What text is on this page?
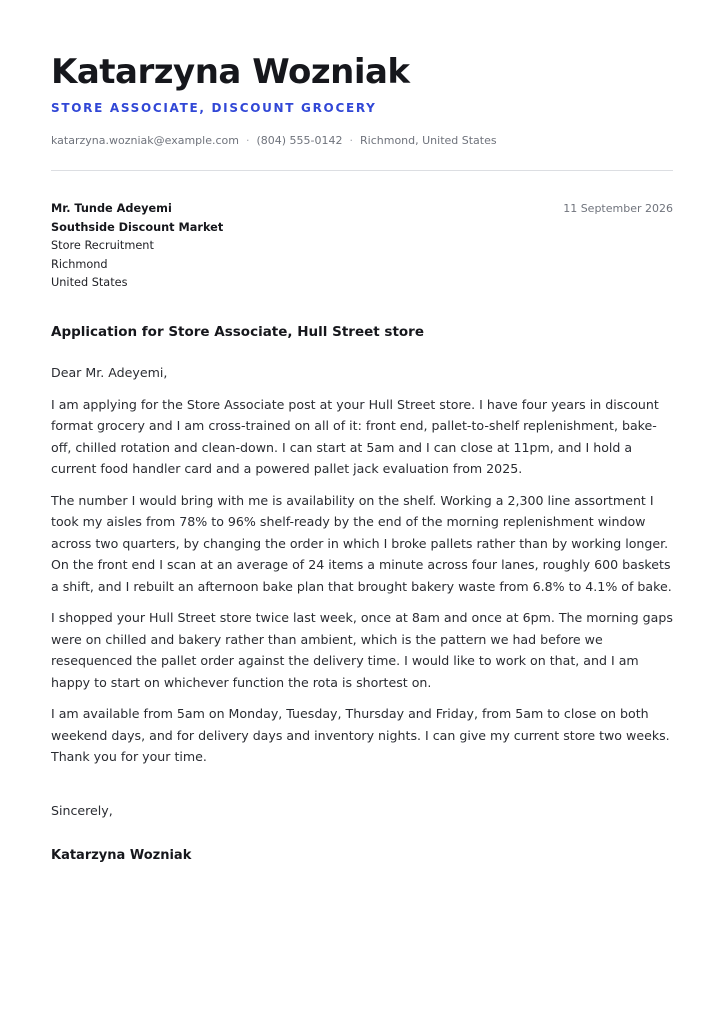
Katarzyna Wozniak
STORE ASSOCIATE, DISCOUNT GROCERY
katarzyna.wozniak@example.com · (804) 555-0142 · Richmond, United States
11 September 2026
Mr. Tunde Adeyemi
Southside Discount Market
Store Recruitment
Richmond
United States
Application for Store Associate, Hull Street store

Dear Mr. Adeyemi,

I am applying for the Store Associate post at your Hull Street store. I have four years in discount format grocery and I am cross-trained on all of it: front end, pallet-to-shelf replenishment, bake-off, chilled rotation and clean-down. I can start at 5am and I can close at 11pm, and I hold a current food handler card and a powered pallet jack evaluation from 2025.

The number I would bring with me is availability on the shelf. Working a 2,300 line assortment I took my aisles from 78% to 96% shelf-ready by the end of the morning replenishment window across two quarters, by changing the order in which I broke pallets rather than by working longer. On the front end I scan at an average of 24 items a minute across four lanes, roughly 600 baskets a shift, and I rebuilt an afternoon bake plan that brought bakery waste from 6.8% to 4.1% of bake.

I shopped your Hull Street store twice last week, once at 8am and once at 6pm. The morning gaps were on chilled and bakery rather than ambient, which is the pattern we had before we resequenced the pallet order against the delivery time. I would like to work on that, and I am happy to start on whichever function the rota is shortest on.

I am available from 5am on Monday, Tuesday, Thursday and Friday, from 5am to close on both weekend days, and for delivery days and inventory nights. I can give my current store two weeks. Thank you for your time.

Sincerely,
Katarzyna Wozniak
